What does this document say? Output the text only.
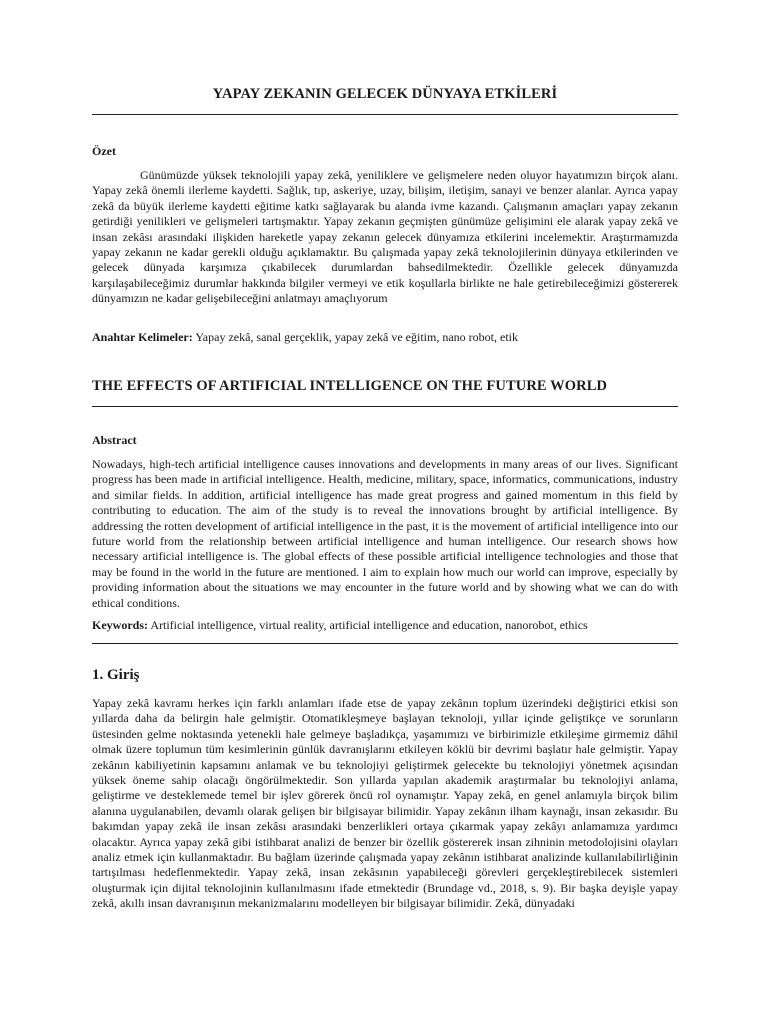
YAPAY ZEKANIN GELECEK DÜNYAYA ETKİLERİ
Özet

Günümüzde yüksek teknolojili yapay zekâ, yeniliklere ve gelişmelere neden oluyor hayatımızın birçok alanı. Yapay zekâ önemli ilerleme kaydetti. Sağlık, tıp, askeriye, uzay, bilişim, iletişim, sanayi ve benzer alanlar. Ayrıca yapay zekâ da büyük ilerleme kaydetti eğitime katkı sağlayarak bu alanda ivme kazandı. Çalışmanın amaçları yapay zekanın getirdiği yenilikleri ve gelişmeleri tartışmaktır. Yapay zekanın geçmişten günümüze gelişimini ele alarak yapay zekâ ve insan zekâsı arasındaki ilişkiden hareketle yapay zekanın gelecek dünyamıza etkilerini incelemektir. Araştırmamızda yapay zekanın ne kadar gerekli olduğu açıklamaktır. Bu çalışmada yapay zekâ teknolojilerinin dünyaya etkilerinden ve gelecek dünyada karşımıza çıkabilecek durumlardan bahsedilmektedir. Özellikle gelecek dünyamızda karşılaşabileceğimiz durumlar hakkında bilgiler vermeyi ve etik koşullarla birlikte ne hale getirebileceğimizi göstererek dünyamızın ne kadar gelişebileceğini anlatmayı amaçlıyorum

Anahtar Kelimeler: Yapay zekâ, sanal gerçeklik, yapay zekâ ve eğitim, nano robot, etik
THE EFFECTS OF ARTIFICIAL INTELLIGENCE ON THE FUTURE WORLD
Abstract

Nowadays, high-tech artificial intelligence causes innovations and developments in many areas of our lives. Significant progress has been made in artificial intelligence. Health, medicine, military, space, informatics, communications, industry and similar fields. In addition, artificial intelligence has made great progress and gained momentum in this field by contributing to education. The aim of the study is to reveal the innovations brought by artificial intelligence. By addressing the rotten development of artificial intelligence in the past, it is the movement of artificial intelligence into our future world from the relationship between artificial intelligence and human intelligence. Our research shows how necessary artificial intelligence is. The global effects of these possible artificial intelligence technologies and those that may be found in the world in the future are mentioned. I aim to explain how much our world can improve, especially by providing information about the situations we may encounter in the future world and by showing what we can do with ethical conditions.

Keywords: Artificial intelligence, virtual reality, artificial intelligence and education, nanorobot, ethics
1. Giriş

Yapay zekâ kavramı herkes için farklı anlamları ifade etse de yapay zekânın toplum üzerindeki değiştirici etkisi son yıllarda daha da belirgin hale gelmiştir. Otomatikleşmeye başlayan teknoloji, yıllar içinde geliştikçe ve sorunların üstesinden gelme noktasında yetenekli hale gelmeye başladıkça, yaşamımızı ve birbirimizle etkileşime girmemiz dâhil olmak üzere toplumun tüm kesimlerinin günlük davranışlarını etkileyen köklü bir devrimi başlatır hale gelmiştir. Yapay zekânın kabiliyetinin kapsamını anlamak ve bu teknolojiyi geliştirmek gelecekte bu teknolojiyi yönetmek açısından yüksek öneme sahip olacağı öngörülmektedir. Son yıllarda yapılan akademik araştırmalar bu teknolojiyi anlama, geliştirme ve desteklemede temel bir işlev görerek öncü rol oynamıştır. Yapay zekâ, en genel anlamıyla birçok bilim alanına uygulanabilen, devamlı olarak gelişen bir bilgisayar bilimidir. Yapay zekânın ilham kaynağı, insan zekasıdır. Bu bakımdan yapay zekâ ile insan zekâsı arasındaki benzerlikleri ortaya çıkarmak yapay zekâyı anlamamıza yardımcı olacaktır. Ayrıca yapay zekâ gibi istihbarat analizi de benzer bir özellik göstererek insan zihninin metodolojisini olayları analiz etmek için kullanmaktadır. Bu bağlam üzerinde çalışmada yapay zekânın istihbarat analizinde kullanılabilirliğinin tartışılması hedeflenmektedir. Yapay zekâ, insan zekâsının yapabileceği görevleri gerçekleştirebilecek sistemleri oluşturmak için dijital teknolojinin kullanılmasını ifade etmektedir (Brundage vd., 2018, s. 9). Bir başka deyişle yapay zekâ, akıllı insan davranışının mekanizmalarını modelleyen bir bilgisayar bilimidir. Zekâ, dünyadaki
